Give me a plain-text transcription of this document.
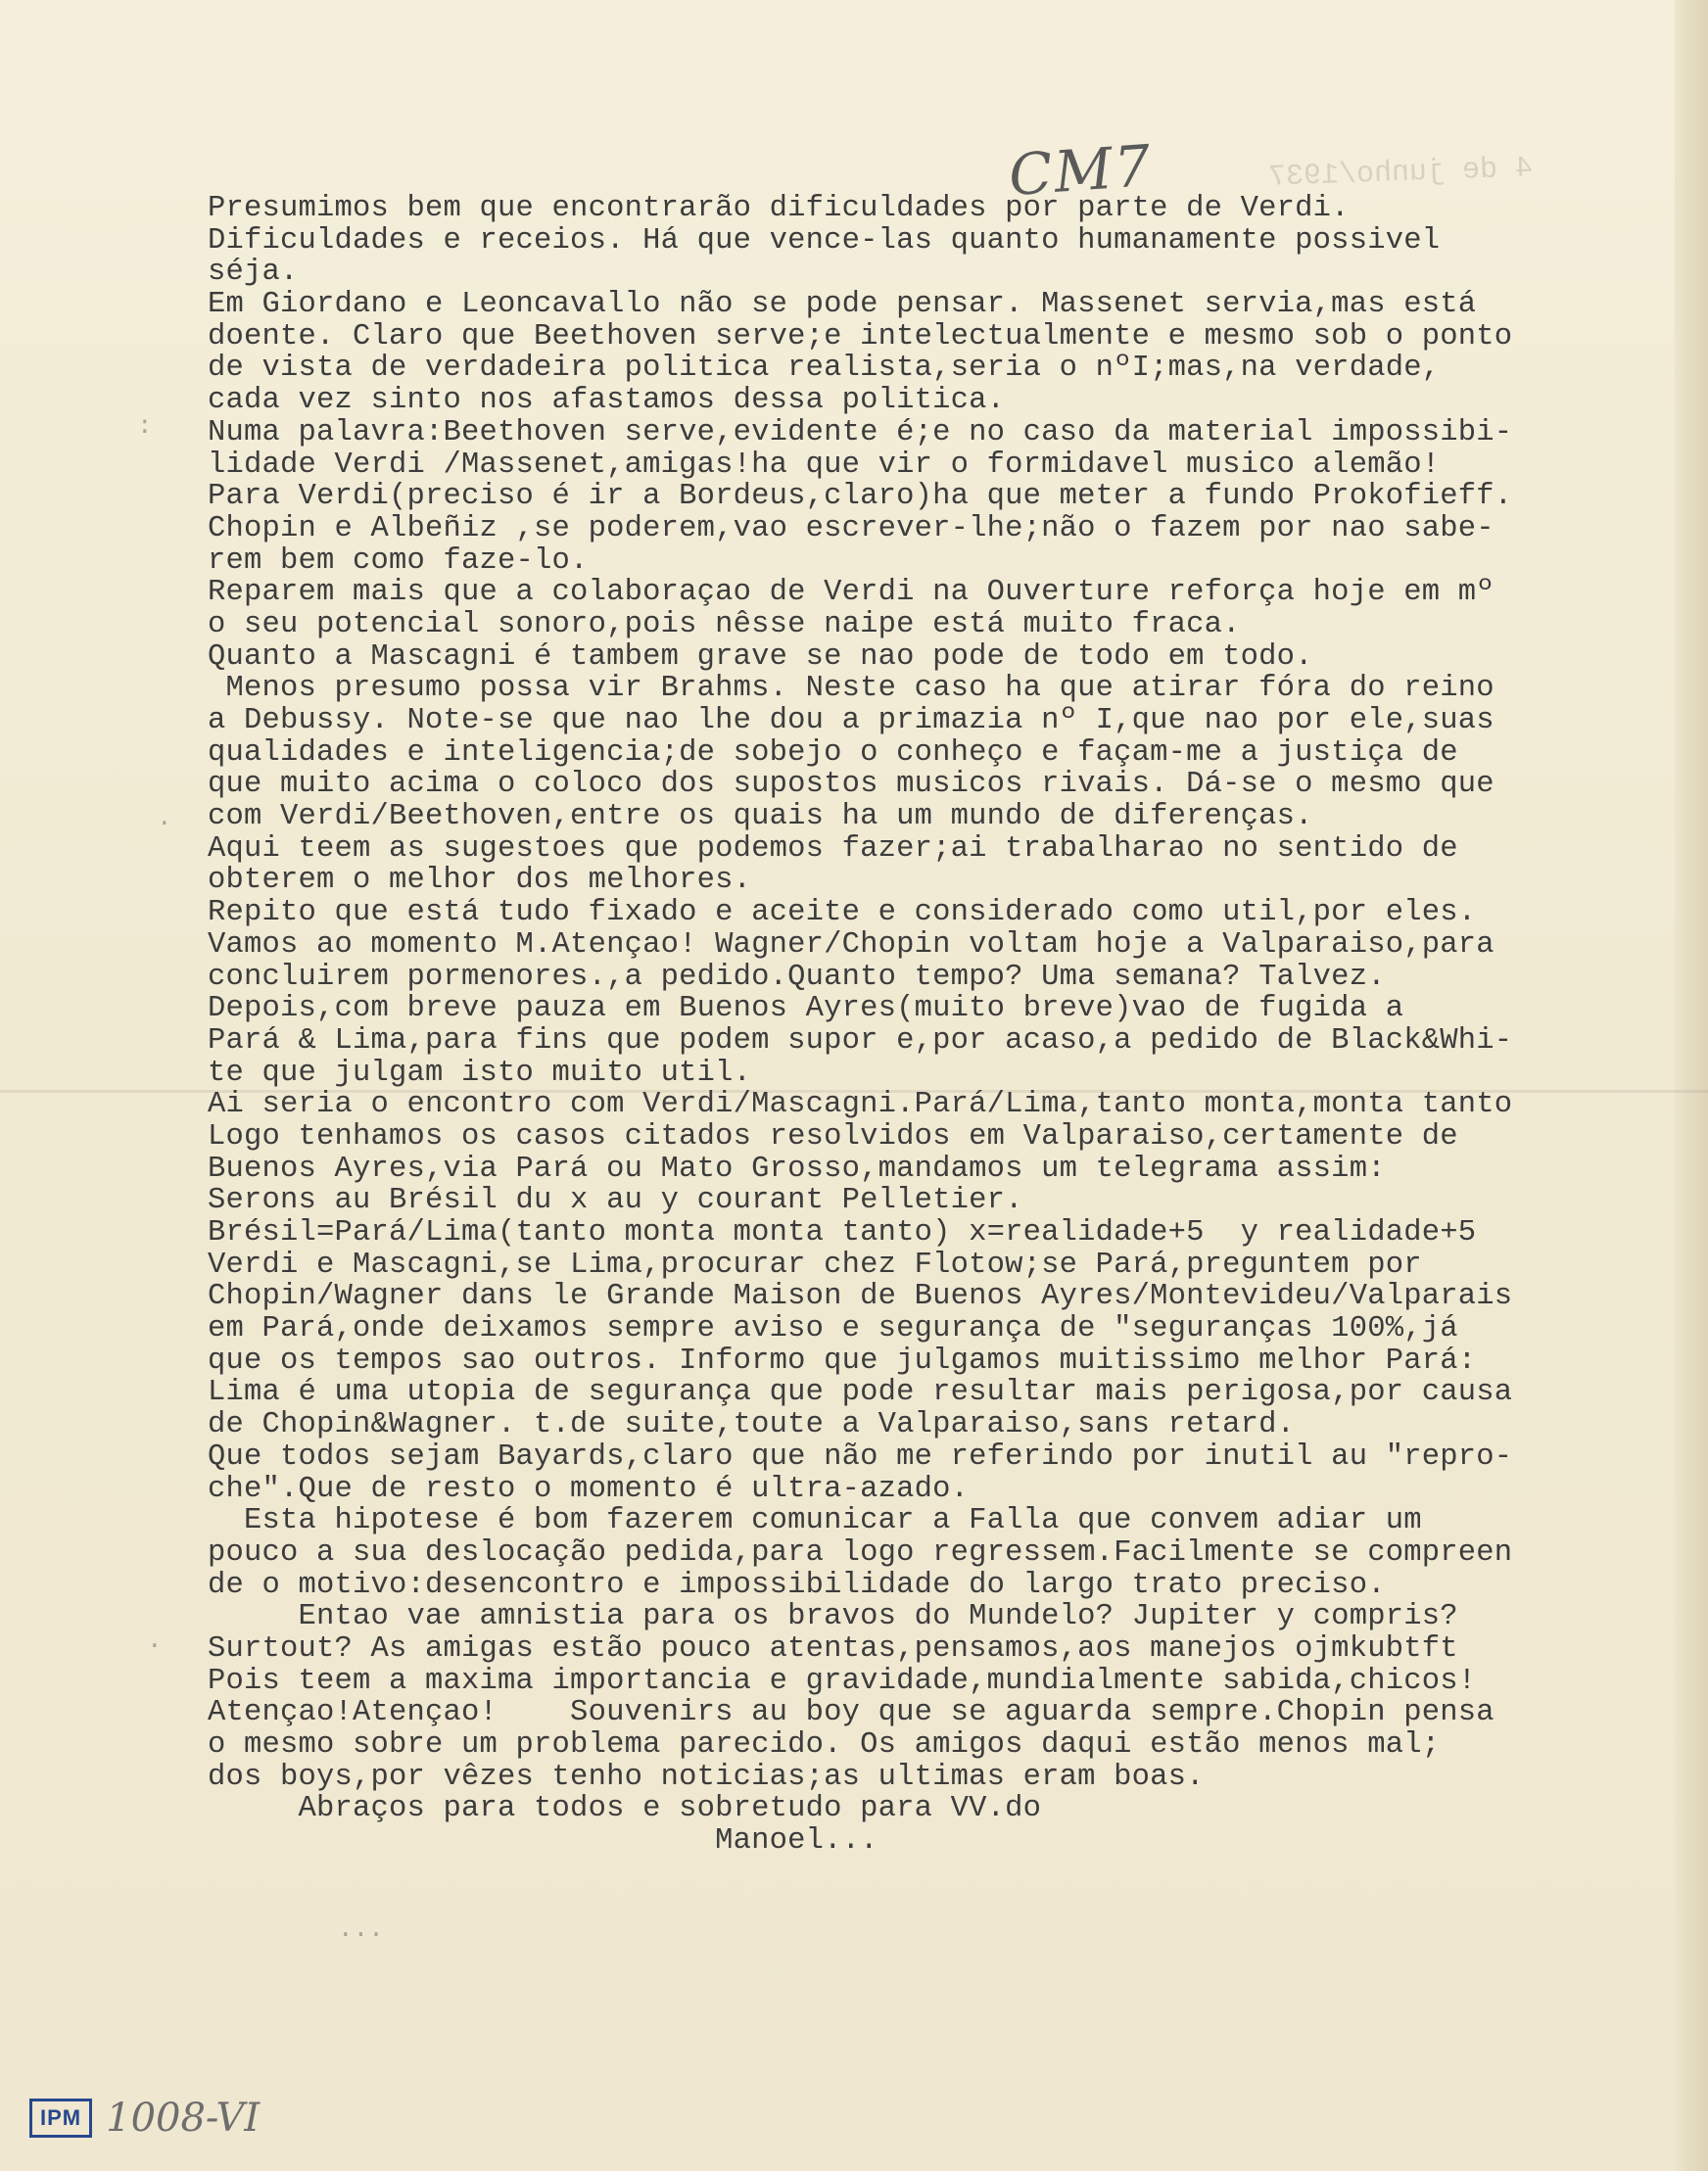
4 de junho/1937
CM7
Presumimos bem que encontrarão dificuldades por parte de Verdi.
Dificuldades e receios. Há que vence-las quanto humanamente possivel
séja.
Em Giordano e Leoncavallo não se pode pensar. Massenet servia,mas está
doente. Claro que Beethoven serve;e intelectualmente e mesmo sob o ponto
de vista de verdadeira politica realista,seria o nºI;mas,na verdade,
cada vez sinto nos afastamos dessa politica.
Numa palavra:Beethoven serve,evidente é;e no caso da material impossibi-
lidade Verdi /Massenet,amigas!ha que vir o formidavel musico alemão!
Para Verdi(preciso é ir a Bordeus,claro)ha que meter a fundo Prokofieff.
Chopin e Albeñiz ,se poderem,vao escrever-lhe;não o fazem por nao sabe-
rem bem como faze-lo.
Reparem mais que a colaboraçao de Verdi na Ouverture reforça hoje em mº
o seu potencial sonoro,pois nêsse naipe está muito fraca.
Quanto a Mascagni é tambem grave se nao pode de todo em todo.
Menos presumo possa vir Brahms. Neste caso ha que atirar fóra do reino
a Debussy. Note-se que nao lhe dou a primazia nº I,que nao por ele,suas
qualidades e inteligencia;de sobejo o conheço e façam-me a justiça de
que muito acima o coloco dos supostos musicos rivais. Dá-se o mesmo que
com Verdi/Beethoven,entre os quais ha um mundo de diferenças.
Aqui teem as sugestoes que podemos fazer;ai trabalharao no sentido de
obterem o melhor dos melhores.
Repito que está tudo fixado e aceite e considerado como util,por eles.
Vamos ao momento M.Atençao! Wagner/Chopin voltam hoje a Valparaiso,para
concluirem pormenores.,a pedido.Quanto tempo? Uma semana? Talvez.
Depois,com breve pauza em Buenos Ayres(muito breve)vao de fugida a
Pará & Lima,para fins que podem supor e,por acaso,a pedido de Black&Whi-
te que julgam isto muito util.
Ai seria o encontro com Verdi/Mascagni.Pará/Lima,tanto monta,monta tanto
Logo tenhamos os casos citados resolvidos em Valparaiso,certamente de
Buenos Ayres,via Pará ou Mato Grosso,mandamos um telegrama assim:
Serons au Brésil du x au y courant Pelletier.
Brésil=Pará/Lima(tanto monta monta tanto) x=realidade+5  y realidade+5
Verdi e Mascagni,se Lima,procurar chez Flotow;se Pará,preguntem por
Chopin/Wagner dans le Grande Maison de Buenos Ayres/Montevideu/Valparais
em Pará,onde deixamos sempre aviso e segurança de "seguranças 100%,já
que os tempos sao outros. Informo que julgamos muitissimo melhor Pará:
Lima é uma utopia de segurança que pode resultar mais perigosa,por causa
de Chopin&Wagner. t.de suite,toute a Valparaiso,sans retard.
Que todos sejam Bayards,claro que não me referindo por inutil au "repro-
che".Que de resto o momento é ultra-azado.
Esta hipotese é bom fazerem comunicar a Falla que convem adiar um
pouco a sua deslocação pedida,para logo regressem.Facilmente se compreen
de o motivo:desencontro e impossibilidade do largo trato preciso.
Entao vae amnistia para os bravos do Mundelo? Jupiter y compris?
Surtout? As amigas estão pouco atentas,pensamos,aos manejos ojmkubtft
Pois teem a maxima importancia e gravidade,mundialmente sabida,chicos!
Atençao!Atençao!    Souvenirs au boy que se aguarda sempre.Chopin pensa
o mesmo sobre um problema parecido. Os amigos daqui estão menos mal;
dos boys,por vêzes tenho noticias;as ultimas eram boas.
Abraços para todos e sobretudo para VV.do
Manoel...
:
.
.
...
IPM 1008-VI
